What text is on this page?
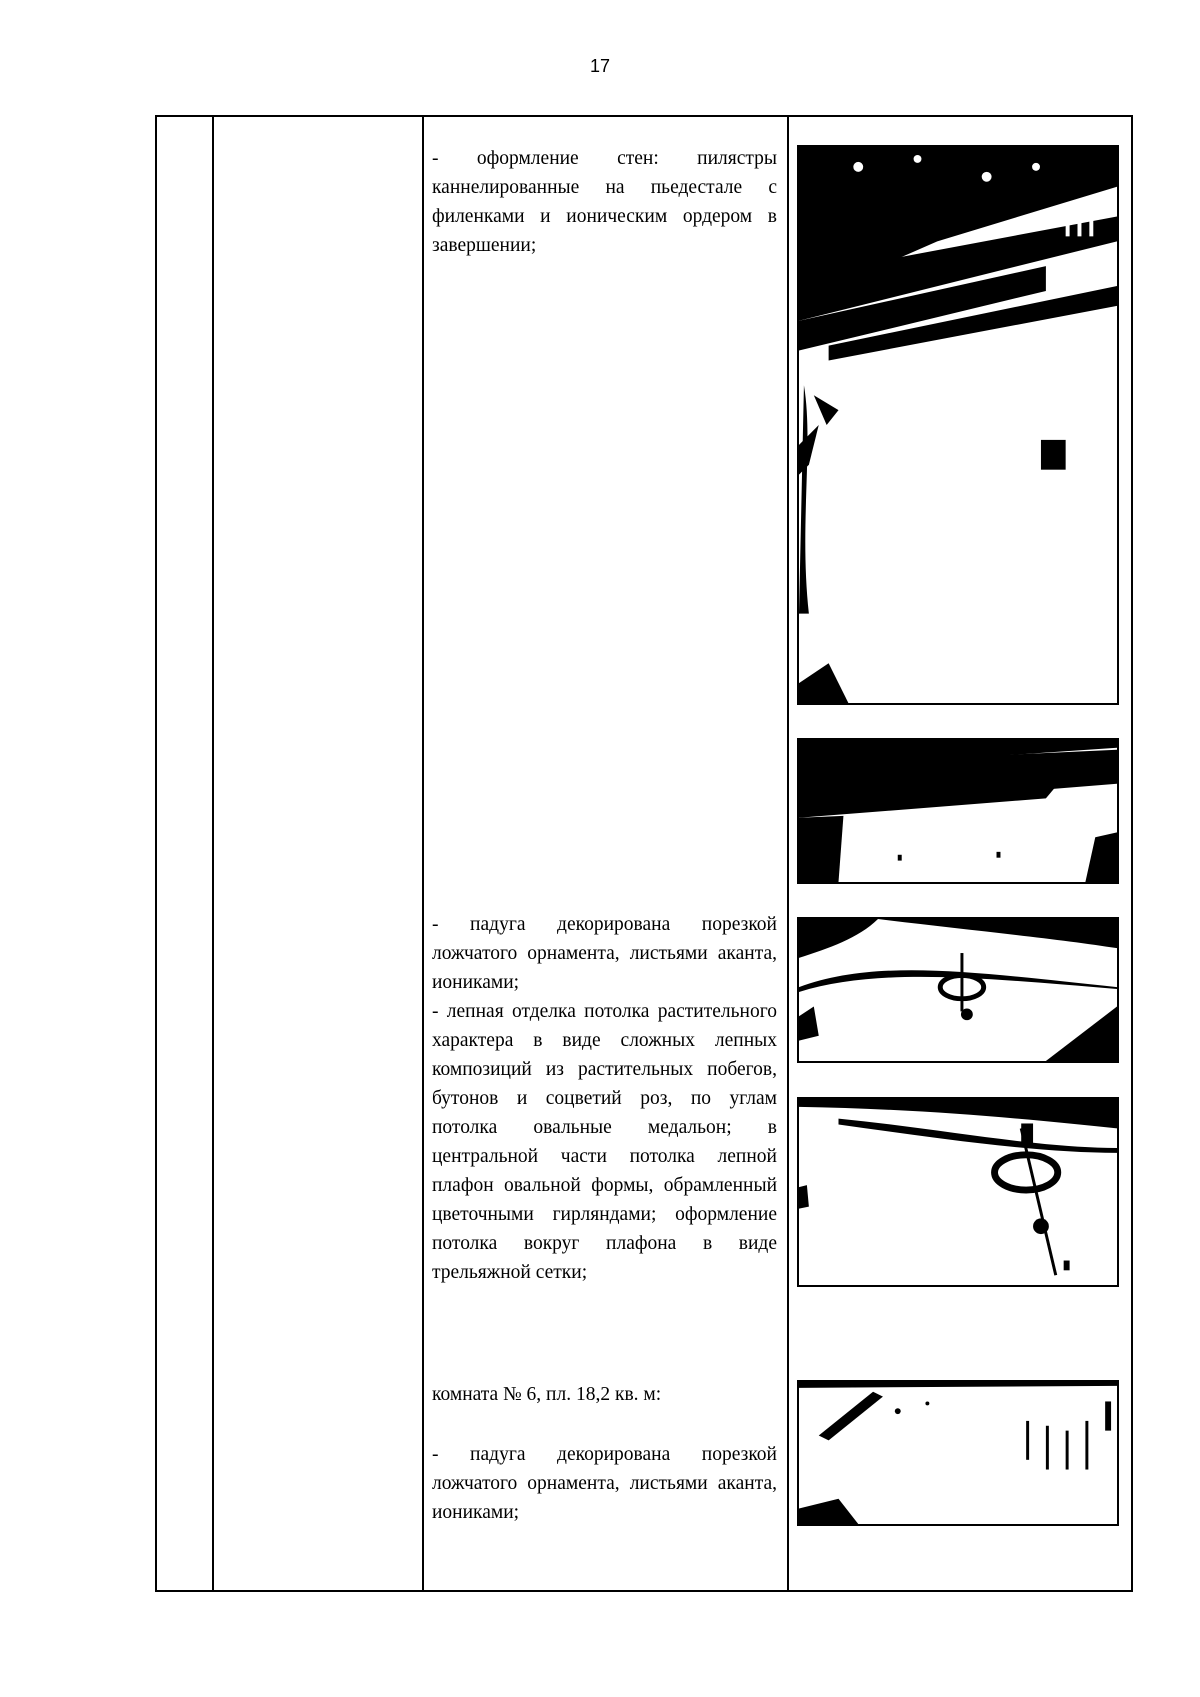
17
- оформление стен: пилястры каннелированные на пьедестале с филенками и ионическим ордером в завершении;
- падуга декорирована порезкой ложчатого орнамента, листьями аканта, иониками;
- лепная отделка потолка растительного характера в виде сложных лепных композиций из растительных побегов, бутонов и соцветий роз, по углам потолка овальные медальон; в центральной части потолка лепной плафон овальной формы, обрамленный цветочными гирляндами; оформление потолка вокруг плафона в виде трельяжной сетки;
комната № 6, пл. 18,2 кв. м:
- падуга декорирована порезкой ложчатого орнамента, листьями аканта, иониками;
